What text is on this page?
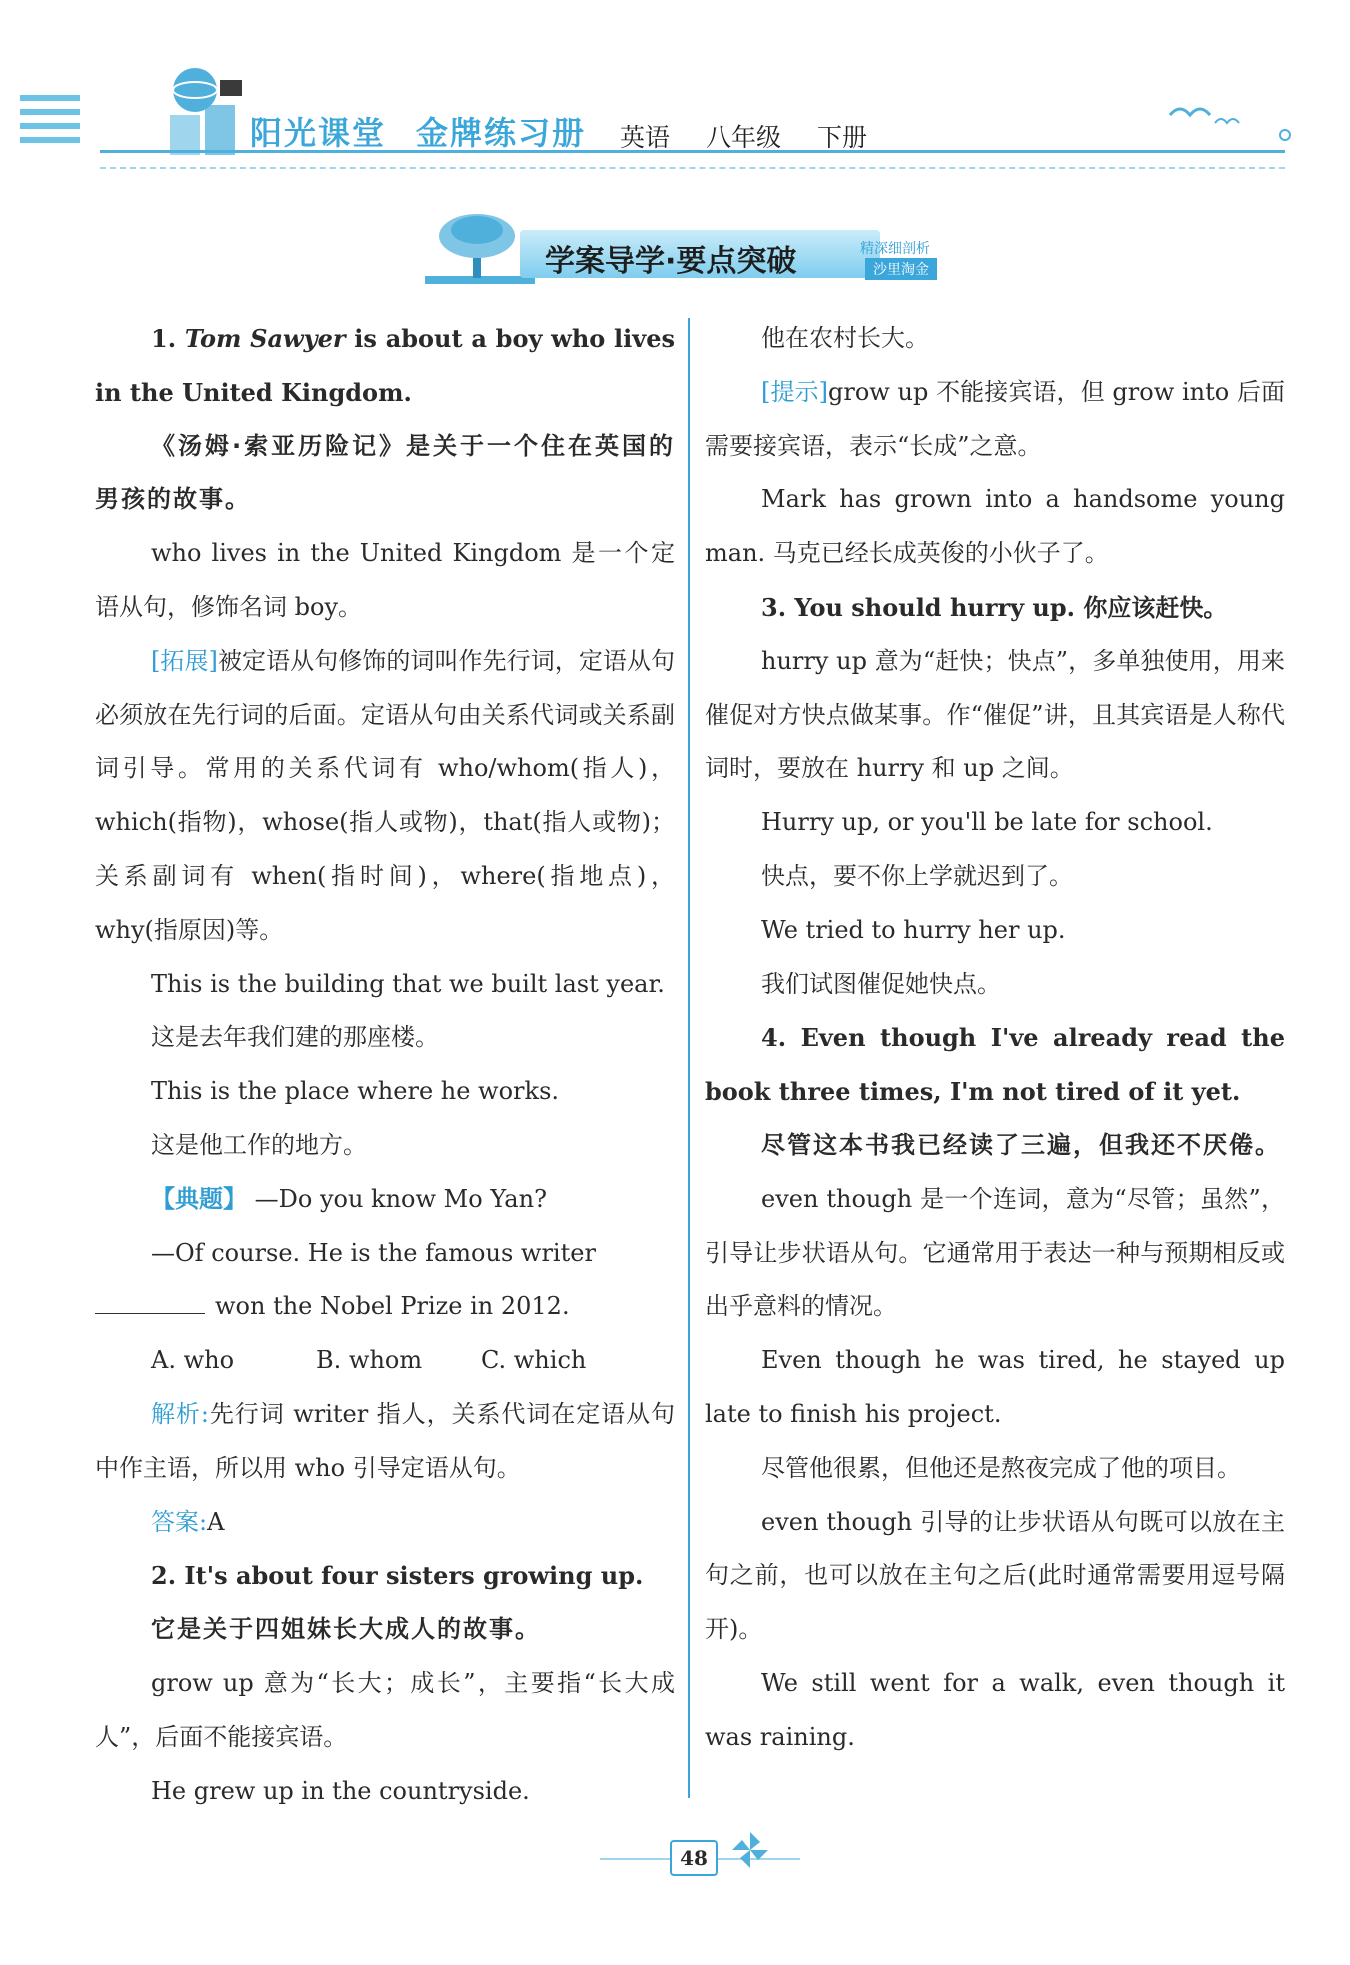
阳光课堂 金牌练习册 英语 八年级 下册
学案导学·要点突破	精深细剖析
沙里淘金

1. Tom Sawyer is about a boy who lives in the United Kingdom.

《汤姆·索亚历险记》是关于一个住在英国的男孩的故事。

who lives in the United Kingdom 是一个定语从句，修饰名词 boy。

[拓展]被定语从句修饰的词叫作先行词，定语从句必须放在先行词的后面。定语从句由关系代词或关系副词引导。常用的关系代词有 who/whom(指人)，which(指物)，whose(指人或物)，that(指人或物)；关系副词有 when(指时间)，where(指地点)，why(指原因)等。

This is the building that we built last year.

这是去年我们建的那座楼。

This is the place where he works.

这是他工作的地方。

【典题】 —Do you know Mo Yan?

—Of course. He is the famous writer

won the Nobel Prize in 2012.

A. who	B. whom C. which

解析:先行词 writer 指人，关系代词在定语从句中作主语，所以用 who 引导定语从句。

答案:A

2. It's about four sisters growing up.

它是关于四姐妹长大成人的故事。

grow up 意为“长大；成长”，主要指“长大成人”，后面不能接宾语。

He grew up in the countryside.

他在农村长大。

[提示]grow up 不能接宾语，但 grow into 后面需要接宾语，表示“长成”之意。

Mark has grown into a handsome young man. 马克已经长成英俊的小伙子了。

3. You should hurry up. 你应该赶快。

hurry up 意为“赶快；快点”，多单独使用，用来催促对方快点做某事。作“催促”讲，且其宾语是人称代词时，要放在 hurry 和 up 之间。

Hurry up, or you'll be late for school.

快点，要不你上学就迟到了。

We tried to hurry her up.

我们试图催促她快点。

4. Even though I've already read the book three times, I'm not tired of it yet.

尽管这本书我已经读了三遍，但我还不厌倦。

even though 是一个连词，意为“尽管；虽然”，引导让步状语从句。它通常用于表达一种与预期相反或出乎意料的情况。

Even though he was tired, he stayed up late to finish his project.

尽管他很累，但他还是熬夜完成了他的项目。

even though 引导的让步状语从句既可以放在主句之前，也可以放在主句之后(此时通常需要用逗号隔开)。

We still went for a walk, even though it was raining.

48
